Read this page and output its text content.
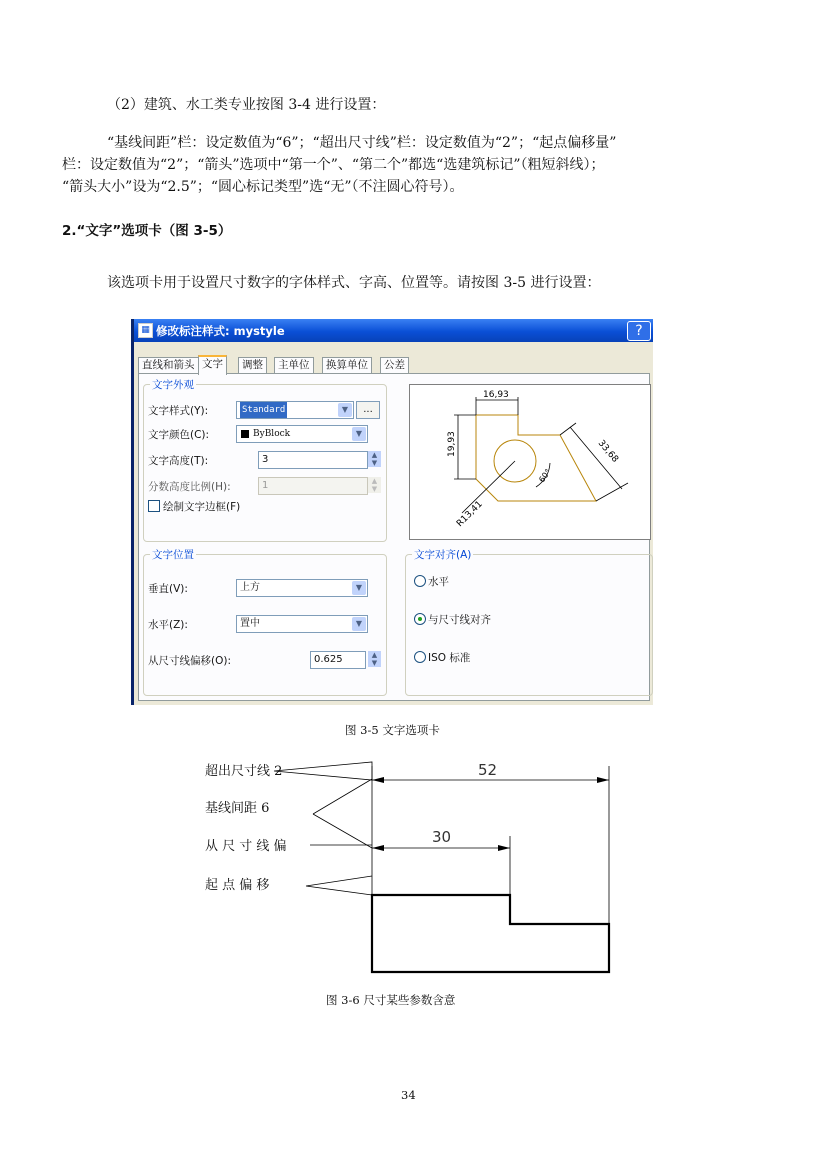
（2）建筑、水工类专业按图 3-4 进行设置：
“基线间距”栏：设定数值为“6”；“超出尺寸线”栏：设定数值为“2”；“起点偏移量”
栏：设定数值为“2”；“箭头”选项中“第一个”、“第二个”都选“选建筑标记”（粗短斜线）；
“箭头大小”设为“2.5”；“圆心标记类型”选“无”（不注圆心符号）。
2.“文字”选项卡（图 3-5）
该选项卡用于设置尺寸数字的字体样式、字高、位置等。请按图 3-5 进行设置：
▦ 修改标注样式: mystyle	?
直线和箭头 文字	调整	主单位	换算单位	公差
文字外观
文字样式(Y):	Standard	▼	...
文字颜色(C):	ByBlock	▼
文字高度(T):	3	▲
▼
分数高度比例(H):	1	▲
▼
绘制文字边框(F)
16,93
19,93	33,68
60°
R13,41
文字位置
垂直(V):	上方	▼
水平(Z):	置中	▼
从尺寸线偏移(O):	0.625	▲
▼
文字对齐(A)
水平
与尺寸线对齐
ISO 标准
图 3-5 文字选项卡
超出尺寸线 2
基线间距 6
从 尺 寸 线 偏
起 点 偏 移
52
30
图 3-6 尺寸某些参数含意
34
